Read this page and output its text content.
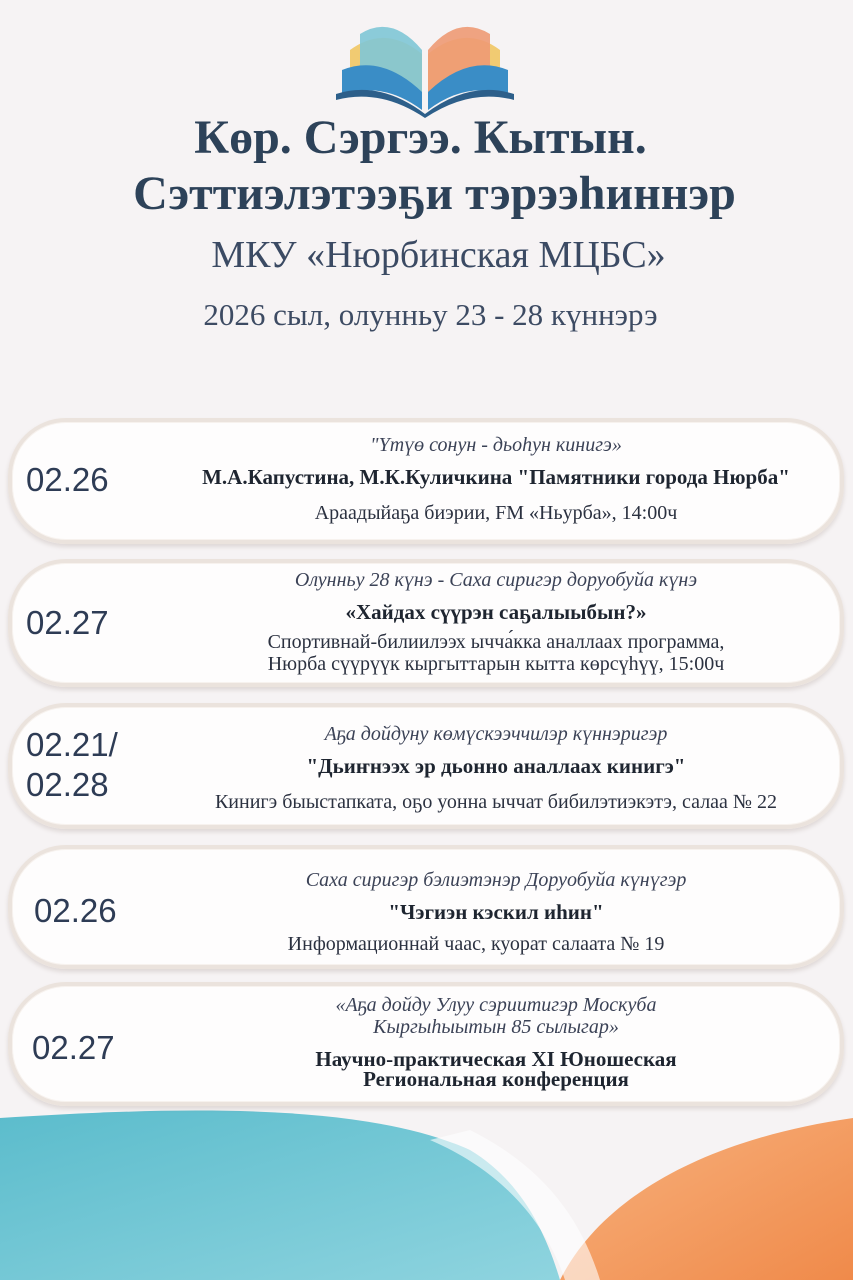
Көр. Сэргээ. Кытын.
Сэттиэлэтээҕи тэрээһиннэр
МКУ «Нюрбинская МЦБС»
2026 сыл, олунньу 23 - 28 күннэрэ
02.26
"Үтүө сонун - дьоһун кинигэ»
М.А.Капустина, М.К.Куличкина "Памятники города Нюрба"
Араадыйаҕа биэрии, FM «Ньурба», 14:00ч
02.27
Олунньу 28 күнэ - Саха сиригэр доруобуйа күнэ
«Хайдах сүүрэн саҕалыыбын?»
Спортивнай-билиилээх ычча́кка аналлаах программа,
Нюрба сүүрүүк кыргыттарын кытта көрсүһүү, 15:00ч
02.21/
02.28
Аҕа дойдуну көмүскээччилэр күннэригэр
"Дьиҥнээх эр дьонно аналлаах кинигэ"
Кинигэ быыстапката, оҕо уонна ыччат бибилэтиэкэтэ, салаа № 22
02.26
Саха сиригэр бэлиэтэнэр Доруобуйа күнүгэр
"Чэгиэн кэскил иһин"
Информационнай чаас, куорат салаата № 19
02.27
«Аҕа дойду Улуу сэриитигэр Москуба
Кыргыһыытын 85 сылыгар»
Научно-практическая XI Юношеская
Региональная конференция
